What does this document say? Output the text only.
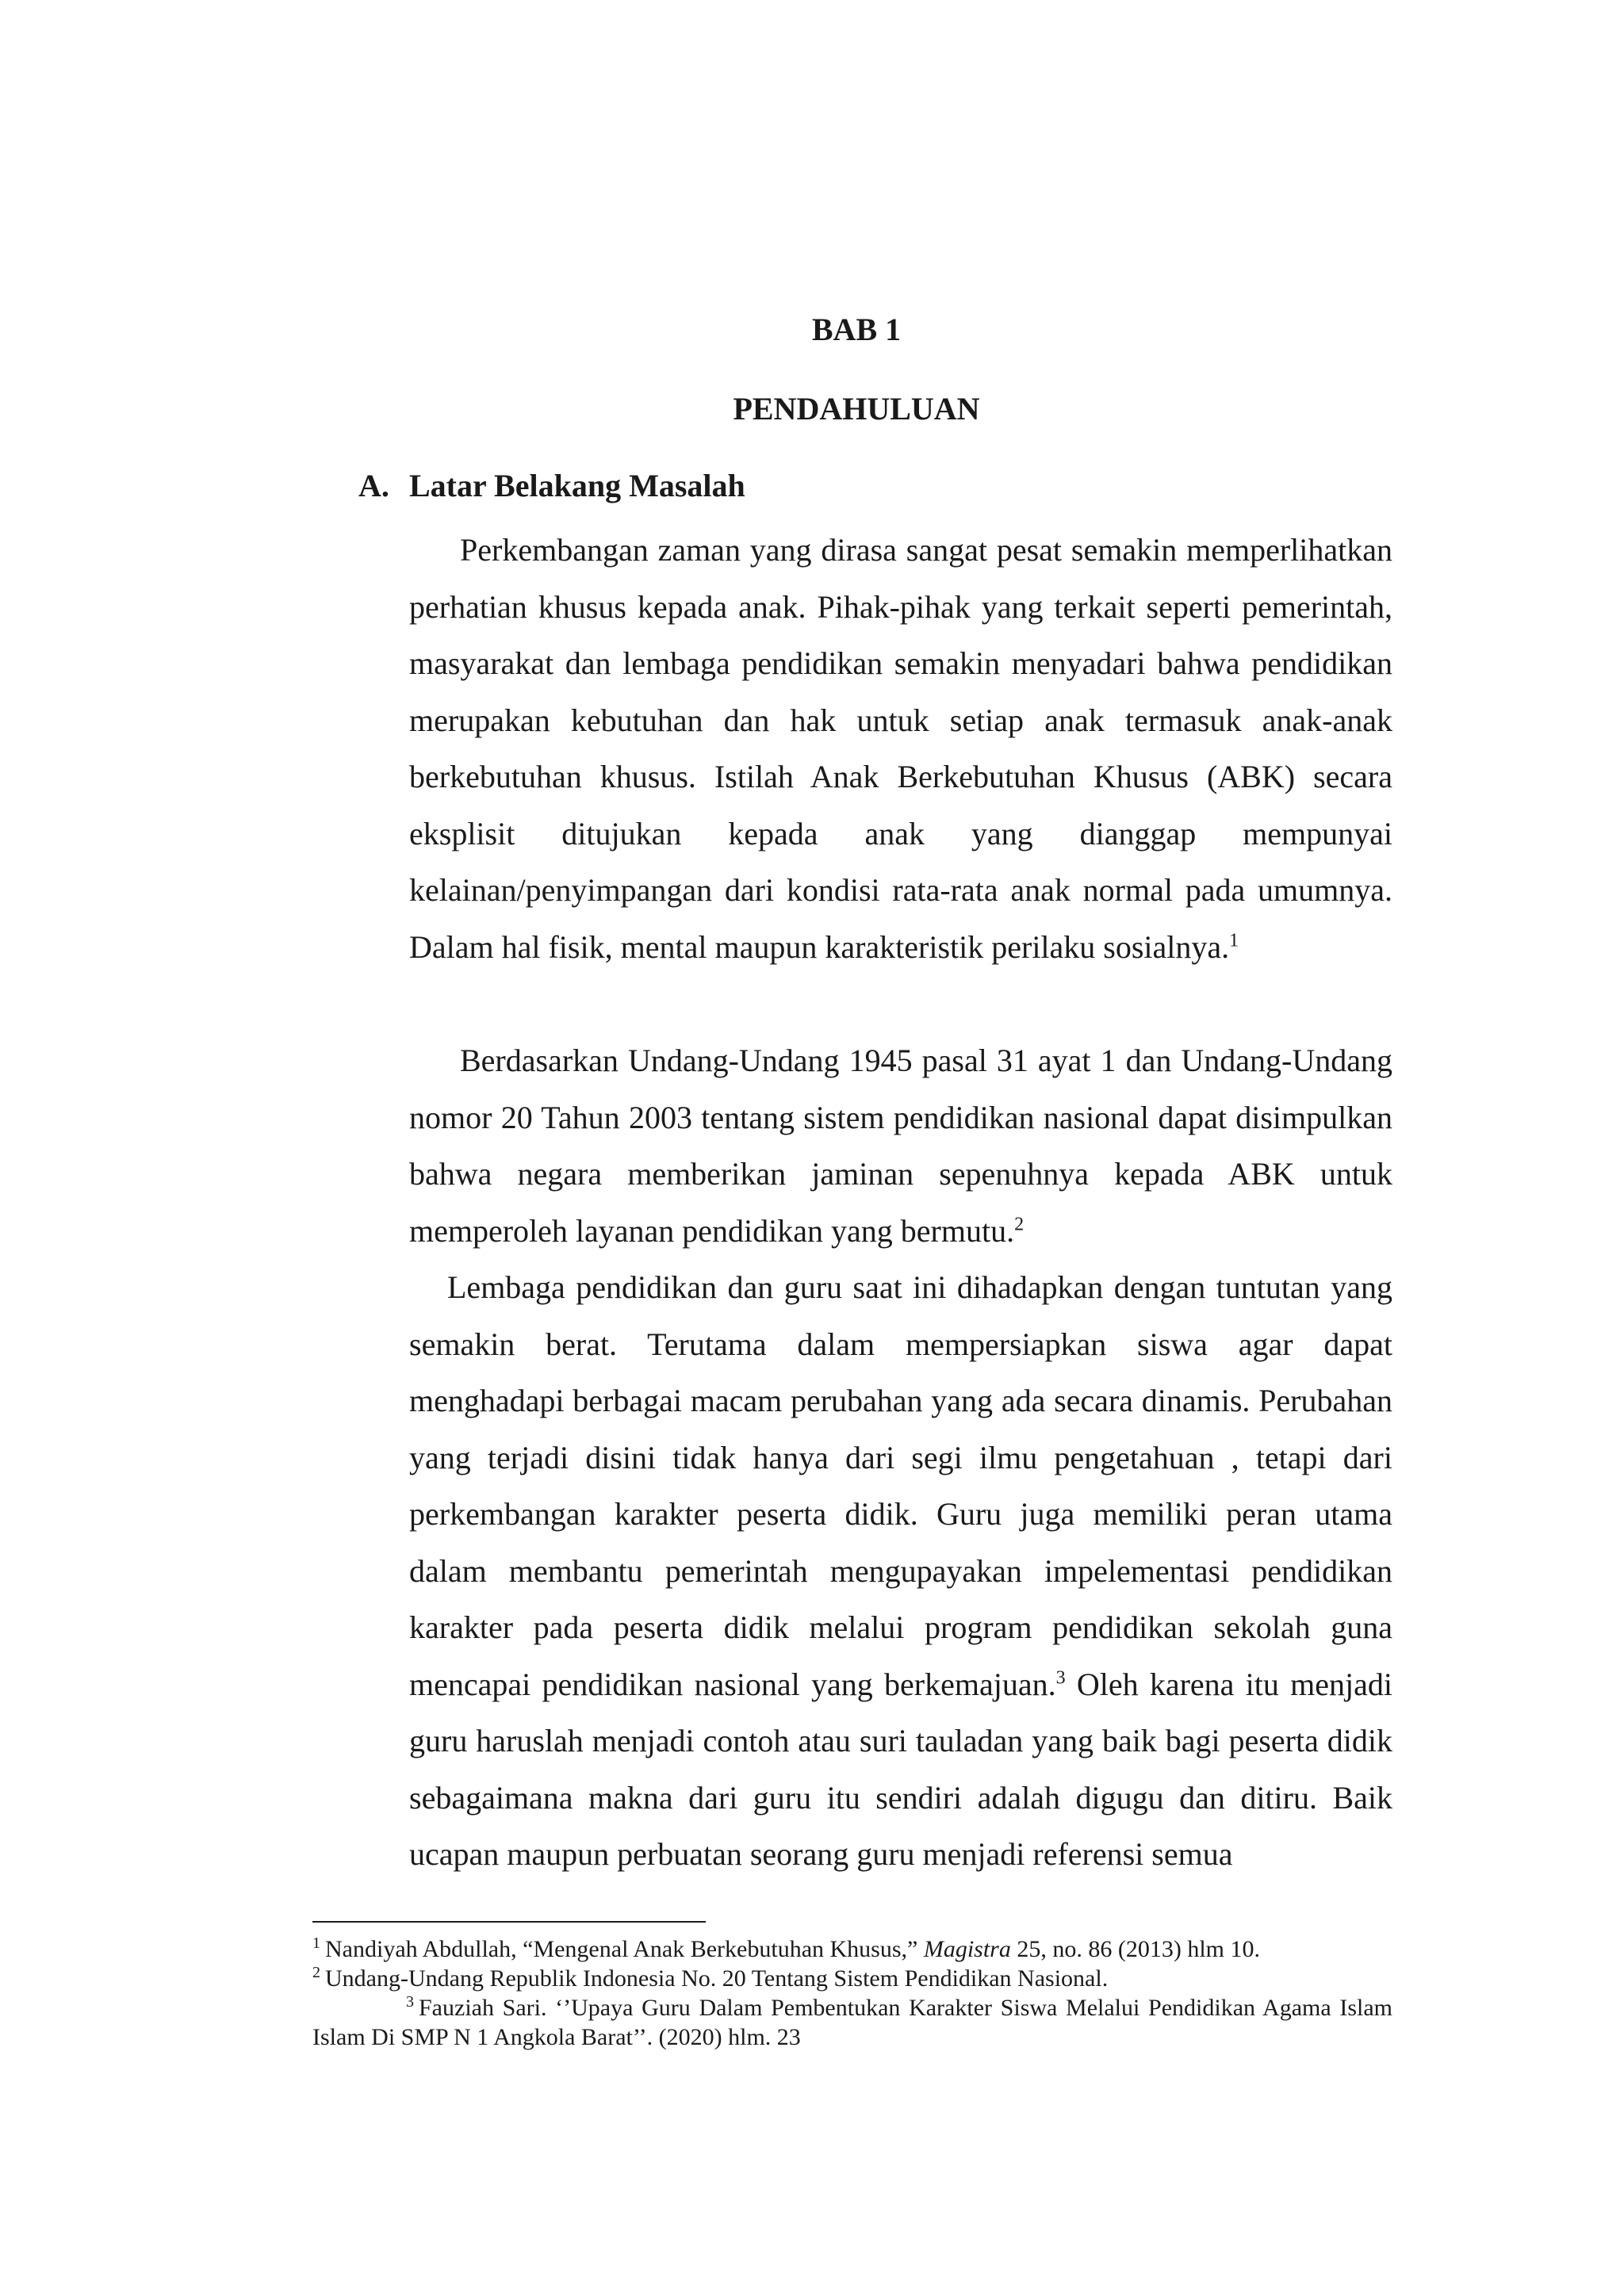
BAB 1
PENDAHULUAN
A. Latar Belakang Masalah

Perkembangan zaman yang dirasa sangat pesat semakin memperlihatkan perhatian khusus kepada anak. Pihak-pihak yang terkait seperti pemerintah, masyarakat dan lembaga pendidikan semakin menyadari bahwa pendidikan merupakan kebutuhan dan hak untuk setiap anak termasuk anak-anak berkebutuhan khusus. Istilah Anak Berkebutuhan Khusus (ABK) secara eksplisit ditujukan kepada anak yang dianggap mempunyai kelainan/penyimpangan dari kondisi rata-rata anak normal pada umumnya. Dalam hal fisik, mental maupun karakteristik perilaku sosialnya.$^1$

Berdasarkan Undang-Undang 1945 pasal 31 ayat 1 dan Undang-Undang nomor 20 Tahun 2003 tentang sistem pendidikan nasional dapat disimpulkan bahwa negara memberikan jaminan sepenuhnya kepada ABK untuk memperoleh layanan pendidikan yang bermutu.$^2$

Lembaga pendidikan dan guru saat ini dihadapkan dengan tuntutan yang semakin berat. Terutama dalam mempersiapkan siswa agar dapat menghadapi berbagai macam perubahan yang ada secara dinamis. Perubahan yang terjadi disini tidak hanya dari segi ilmu pengetahuan , tetapi dari perkembangan karakter peserta didik. Guru juga memiliki peran utama dalam membantu pemerintah mengupayakan impelementasi pendidikan karakter pada peserta didik melalui program pendidikan sekolah guna mencapai pendidikan nasional yang berkemajuan.$^3$ Oleh karena itu menjadi guru haruslah menjadi contoh atau suri tauladan yang baik bagi peserta didik sebagaimana makna dari guru itu sendiri adalah digugu dan ditiru. Baik ucapan maupun perbuatan seorang guru menjadi referensi semua

$^1$ Nandiyah Abdullah, “Mengenal Anak Berkebutuhan Khusus,” Magistra 25, no. 86 (2013) hlm 10.

$^2$ Undang-Undang Republik Indonesia No. 20 Tentang Sistem Pendidikan Nasional.

$^3$ Fauziah Sari. ‘’Upaya Guru Dalam Pembentukan Karakter Siswa Melalui Pendidikan Agama Islam Islam Di SMP N 1 Angkola Barat’’. (2020) hlm. 23
